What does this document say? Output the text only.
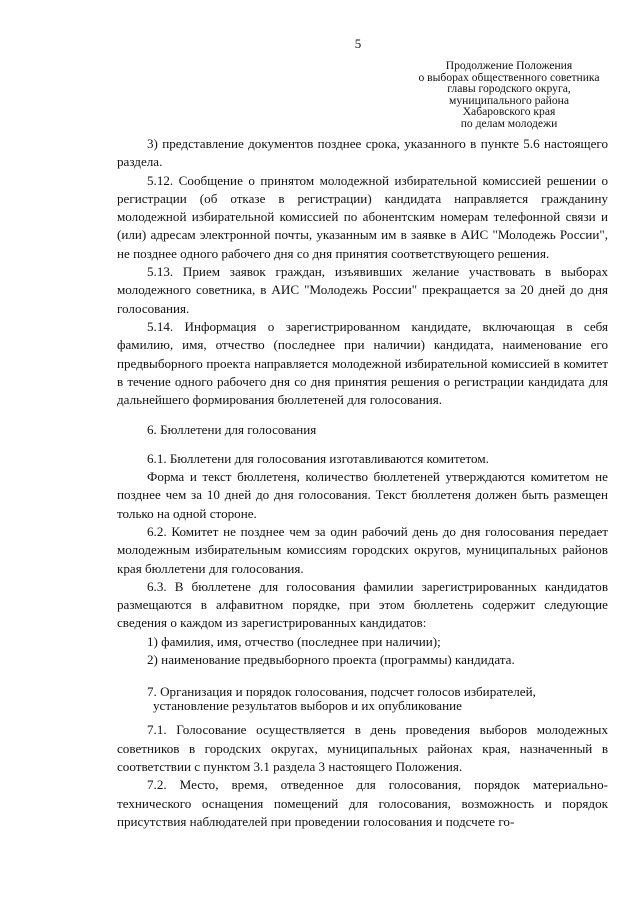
5
Продолжение Положения
о выборах общественного советника
главы городского округа,
муниципального района
Хабаровского края
по делам молодежи

3) представление документов позднее срока, указанного в пункте 5.6 настоящего раздела.

5.12. Сообщение о принятом молодежной избирательной комиссией решении о регистрации (об отказе в регистрации) кандидата направляется гражданину молодежной избирательной комиссией по абонентским номерам телефонной связи и (или) адресам электронной почты, указанным им в заявке в АИС "Молодежь России", не позднее одного рабочего дня со дня принятия соответствующего решения.

5.13. Прием заявок граждан, изъявивших желание участвовать в выборах молодежного советника, в АИС "Молодежь России" прекращается за 20 дней до дня голосования.

5.14. Информация о зарегистрированном кандидате, включающая в себя фамилию, имя, отчество (последнее при наличии) кандидата, наименование его предвыборного проекта направляется молодежной избирательной комиссией в комитет в течение одного рабочего дня со дня принятия решения о регистрации кандидата для дальнейшего формирования бюллетеней для голосования.

6. Бюллетени для голосования

6.1. Бюллетени для голосования изготавливаются комитетом.

Форма и текст бюллетеня, количество бюллетеней утверждаются комитетом не позднее чем за 10 дней до дня голосования. Текст бюллетеня должен быть размещен только на одной стороне.

6.2. Комитет не позднее чем за один рабочий день до дня голосования передает молодежным избирательным комиссиям городских округов, муниципальных районов края бюллетени для голосования.

6.3. В бюллетене для голосования фамилии зарегистрированных кандидатов размещаются в алфавитном порядке, при этом бюллетень содержит следующие сведения о каждом из зарегистрированных кандидатов:

1) фамилия, имя, отчество (последнее при наличии);

2) наименование предвыборного проекта (программы) кандидата.

7. Организация и порядок голосования, подсчет голосов избирателей,
установление результатов выборов и их опубликование

7.1. Голосование осуществляется в день проведения выборов молодежных советников в городских округах, муниципальных районах края, назначенный в соответствии с пунктом 3.1 раздела 3 настоящего Положения.

7.2. Место, время, отведенное для голосования, порядок материально-технического оснащения помещений для голосования, возможность и порядок присутствия наблюдателей при проведении голосования и подсчете го-
